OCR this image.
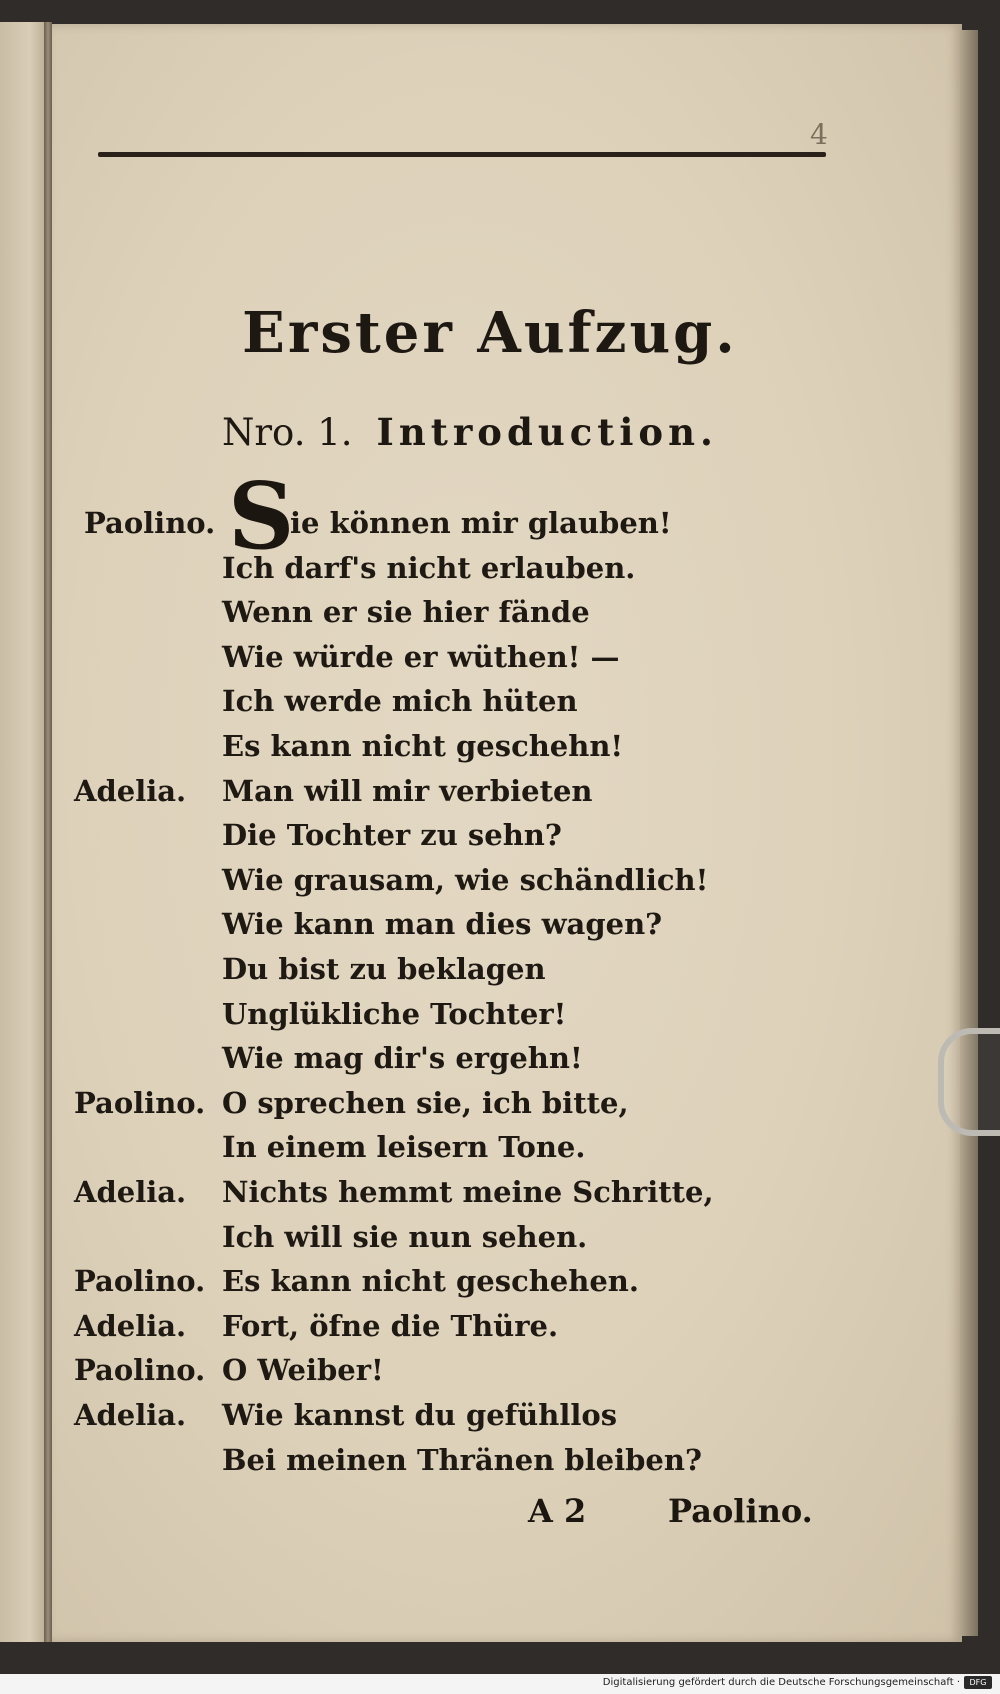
4
Erster Aufzug.
Nro. 1. Introduction.
S
Paolino.	ie können mir glauben!
Ich darf's nicht erlauben.
Wenn er sie hier fände
Wie würde er wüthen! —
Ich werde mich hüten
Es kann nicht geschehn!
Adelia. Man will mir verbieten
Die Tochter zu sehn?
Wie grausam, wie schändlich!
Wie kann man dies wagen?
Du bist zu beklagen
Unglükliche Tochter!
Wie mag dir's ergehn!
Paolino. O sprechen sie, ich bitte,
In einem leisern Tone.
Adelia. Nichts hemmt meine Schritte,
Ich will sie nun sehen.
Paolino. Es kann nicht geschehen.
Adelia. Fort, öfne die Thüre.
Paolino. O Weiber!
Adelia. Wie kannst du gefühllos
Bei meinen Thränen bleiben?
A 2	Paolino.
Digitalisierung gefördert durch die Deutsche Forschungsgemeinschaft ·	DFG
